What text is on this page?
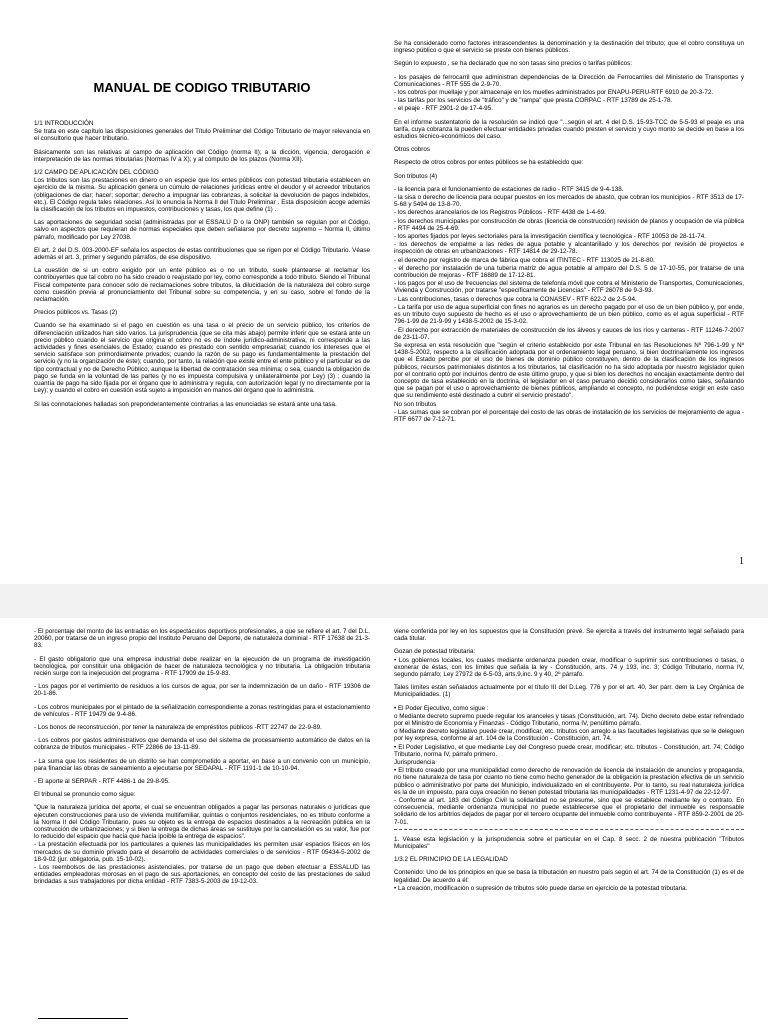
MANUAL DE CODIGO TRIBUTARIO

1/1 INTRODUCCIÓN

Se trata en este capítulo las disposiciones generales del Título Preliminar del Código Tributario de mayor relevancia en el consultorio que hacer tributario.

Básicamente son las relativas al campo de aplicación del Código (norma II); a la dicción, vigencia, derogación e interpretación de las normas tributarias (Normas IV a X); y al cómputo de los plazos (Norma XII).

1/2 CAMPO DE APLICACIÓN DEL CÓDIGO

Los tributos son las prestaciones en dinero o en especie que los entes públicos con potestad tributaria establecen en ejercicio de la misma. Su aplicación genera un cúmulo de relaciones jurídicas entre el deudor y el acreedor tributarios (obligaciones de dar; hacer; soportar; derecho a impugnar las cobranzas, a solicitar la devolución de pagos indebidos, etc.). El Código regula tales relaciones. Así lo enuncia la Norma II del Título Preliminar . Esta disposición acoge además la clasificación de los tributos en impuestos, contribuciones y tasas, los que define (1) .

Las aportaciones de seguridad social (administradas por el ESSALU D o la ONP) también se regulan por el Código, salvo en aspectos que requieran de normas especiales que deben señalarse por decreto supremo – Norma II, último párrafo, modificado por Ley 27038.

El art. 2 del D.S. 003-2000-EF señala los aspectos de estas contribuciones que se rigen por el Código Tributario. Véase además el art. 3, primer y segundo párrafos, de ese dispositivo.

La cuestión de si un cobro exigido por un ente público es o no un tributo, suele plantearse al reclamar los contribuyentes que tal cobro no ha sido creado o reajustado por ley, como corresponde a todo tributo. Siendo el Tribunal Fiscal competente para conocer sólo de reclamaciones sobre tributos, la dilucidación de la naturaleza del cobro surge como cuestión previa al pronunciamiento del Tribunal sobre su competencia, y en su caso, sobre el fondo de la reclamación.

Precios públicos vs. Tasas (2)

Cuando se ha examinado si el pago en cuestión es una tasa o el precio de un servicio público, los criterios de diferenciación utilizados han sido varios. La jurisprudencia (que se cita más abajo) permite inferir que se estará ante un precio público cuando el servicio que origina el cobro no es de índole jurídico-administrativa, ni corresponde a las actividades y fines esenciales de Estado; cuando es prestado con sentido empresarial; cuando los intereses que el servicio satisface son primordialmente privados; cuando la razón de su pago es fundamentalmente la prestación del servicio (y no la organización de éste); cuando, por tanto, la relación que existe entre el ente público y el particular es de tipo contractual y no de Derecho Público, aunque la libertad de contratación sea mínima; o sea, cuando la obligación de pago se funda en la voluntad de las partes (y no es impuesta compulsiva y unilateralmente por Ley) (3) ; cuando la cuantía de pago ha sido fijada por el órgano que lo administra y regula, con autorización legal (y no directamente por la Ley); y cuando el cobro en cuestión está sujeto a imposición en manos del órgano que lo administra.

Si las connotaciones halladas son preponderantemente contrarias a las enunciadas se estará ante una tasa.

Se ha considerado como factores intrascendentes la denominación y la destinación del tributo; que el cobro constituya un ingreso público o que el servicio se preste con bienes públicos.

Según lo expuesto , se ha declarado que no son tasas sino precios o tarifas públicos:

- los pasajes de ferrocarril que administran dependencias de la Dirección de Ferrocarriles del Ministerio de Transportes y Comunicaciones - RTF 555 de 2-9-70.

- los cobros por muellaje y por almacenaje en los muelles administrados por ENAPU-PERU-RTF 6910 de 20-3-72.

- las tarifas por los servicios de "tráfico" y de "rampa" que presta CORPAC - RTF 13789 de 25-1-78.

- el peaje - RTF 2901-2 de 17-4-95.

En el informe sustentatorio de la resolución se indicó que "...según el art. 4 del D.S. 15-93-TCC de 5-5-93 el peaje es una tarifa, cuya cobranza la pueden efectuar entidades privadas cuando presten el servicio y cuyo monto se decide en base a los estudios técnico-económicos del caso.

Otros cobros

Respecto de otros cobros por entes públicos se ha establecido que:

Son tributos (4)

- la licencia para el funcionamiento de estaciones de radio - RTF 3415 de 9-4-138.

- la sisa o derecho de licencia para ocupar puestos en los mercados de abasto, que cobran los municipios - RTF 3513 de 17-5-68 y 5494 de 13-8-70.

- los derechos arancelarios de los Registros Públicos - RTF 4438 de 1-4-69.

- los derechos municipales por construcción de obras (licencia de construcción) revisión de planos y ocupación de vía pública - RTF 4494 de 25-4-69.

- los aportes fijados por leyes sectoriales para la investigación científica y tecnológica - RTF 10053 de 28-11-74.

- los derechos de empalme a las redes de agua potable y alcantarillado y los derechos por revisión de proyectos e inspección de obras en urbanizaciones - RTF 14814 de 29-12-78.

- el derecho por registro de marca de fábrica que cobra el ITINTEC - RTF 113025 de 21-8-80.

- el derecho por instalación de una tubería matriz de agua potable al amparo del D.S. 5 de 17-10-55, por tratarse de una contribución de mejoras - RTF 16889 de 17-12-81.

- los pagos por el uso de frecuencias del sistema de telefonía móvil que cobra el Ministerio de Transportes, Comunicaciones, Vivienda y Construcción, por tratarse "específicamente de Licencias" - RTF 26078 de 9-3-93.

- Las contribuciones, tasas o derechos que cobra la CONASEV - RTF 622-2 de 2-5-94.

- La tarifa por uso de agua superficial con fines no agrarios es un derecho pagado por el uso de un bien público y, por ende, es un tributo cuyo supuesto de hecho es el uso o aprovechamiento de un bien público, como es el agua superficial - RTF 796-1-99 de 21-9-99 y 1438-5-2002 de 15-3-02.

- El derecho por extracción de materiales de construcción de los álveos y cauces de los ríos y canteras - RTF 11246-7-2007 de 23-11-07.

Se expresa en esta resolución que "según el criterio establecido por este Tribunal en las Resoluciones Nº 796-1-99 y Nº 1438-5-2002, respecto a la clasificación adoptada por el ordenamiento legal peruano, si bien doctrinariamente los ingresos que el Estado percibe por el uso de bienes de dominio público constituyen, dentro de la clasificación de los ingresos públicos, recursos patrimoniales distintos a los tributarios, tal clasificación no ha sido adoptada por nuestro legislador quien por el contrario optó por incluirlos dentro de este último grupo, y que si bien los derechos no encajan exactamente dentro del concepto de tasa establecido en la doctrina, el legislador en el caso peruano decidió considerarlos como tales, señalando que se pagan por el uso o aprovechamiento de bienes públicos, ampliando el concepto, no pudiéndose exigir en este caso que su rendimiento esté destinado a cubrir el servicio prestado".

No son tributos

- Las sumas que se cobran por el porcentaje del costo de las obras de instalación de los servicios de mejoramiento de agua - RTF 6677 de 7-12-71.

1

- El porcentaje del monto de las entradas en los espectáculos deportivos profesionales, a que se refiere el art. 7 del D.L. 20060, por tratarse de un ingreso propio del Instituto Peruano del Deporte, de naturaleza dominial - RTF 17638 de 21-3-83.

- El gasto obligatorio que una empresa industrial debe realizar en la ejecución de un programa de investigación tecnológica, por constituir una obligación de hacer de naturaleza tecnológica y no tributaria. La obligación tributaria recién surge con la inejecución del programa - RTF 17909 de 15-9-83.

- Los pagos por el vertimiento de residuos a los cursos de agua, por ser la indemnización de un daño - RTF 19306 de 20-1-86.

- Los cobros municipales por el pintado de la señalización correspondiente a zonas restringidas para el estacionamiento de vehículos - RTF 19479 de 9-4-86.

- Los bonos de reconstrucción, por tener la naturaleza de empréstitos públicos -RTT 22747 de 22-9-89.

- Los cobros por gastos administrativos que demanda el uso del sistema de procesamiento automático de datos en la cobranza de tributos municipales - RTF 22866 de 13-11-89.

- La suma que los residentes de un distrito se han comprometido a aportar, en base a un convenio con un municipio, para financiar las obras de saneamiento a ejecutarse por SEDAPAL - RTF 1191-1 de 10-10-94.

- El aporte al SERPAR - RTF 4486-1 de 29-8-95.

El tribunal se pronuncio como sigue:

"Que la naturaleza jurídica del aporte, el cual se encuentran obligados a pagar las personas naturales o jurídicas que ejecuten construcciones para uso de vivienda multifamiliar, quintas o conjuntos residenciales, no es tributo conforme a la Norma II del Código Tributario, pues su objeto es la entrega de espacios destinados a la recreación pública en la construcción de urbanizaciones; y si bien la entrega de dichas áreas se sustituye por la cancelación es su valor, fue por lo reducido del espacio que hacia que hacia ipoible la entrega de espacios".

- La prestación efectuada por los particulares a quienes las municipalidades les permiten usar espacios físicos en los mercados de su dominio privado para el desarrollo de actividades comerciales o de servicios - RTF 05434-5-2002 de 18-9-02 (jur. obligatoria, pub. 15-10-02).

- Los reembolsos de las prestaciones asistenciales, por tratarse de un pago que deben efectuar a ESSALUD las entidades empleadoras morosas en el pago de sus aportaciones, en concepto del costo de las prestaciones de salud brindadas a sus trabajadores por dicha entidad - RTF 7383-5-2003 de 19-12-03.

viene conferida por ley en los supuestos que la Constitución prevé. Se ejercita a través del instrumento legal señalado para cada titular.

Gozan de potestad tributaria:

• Los gobiernos locales, los cuales mediante ordenanza pueden crear, modificar o suprimir sus contribuciones o tasas, o exonerar de éstas, con los límites que señala la ley - Constitución, arts. 74 y 193, inc. 3; Código Tributario, norma IV, segundo párrafo; Ley 27972 de 6-5-03, arts.9,inc. 9 y 40, 2º párrafo.

Tales límites están señalados actualmente por el título III del D.Leg. 776 y por el art. 40, 3er párr. dem la Ley Orgánica de Municipalidades. (1)

• El Poder Ejecutivo, como sigue :

o Mediante decreto supremo puede regular los aranceles y tasas (Constitución, art. 74). Dicho decreto debe estar refrendado por el Ministro de Economía y Finanzas - Código Tributario, norma IV, penúltimo párrafo.

o Mediante decreto legislativo puede crear, modificar, etc. tributos con arreglo a las facultades legislativas que se le deleguen por ley expresa, conforme al art. 104 de la Constitución - Constitución, art. 74.

• El Poder Legislativo, el que mediante Ley del Congreso puede crear, modificar; etc. tributos - Constitución, art. 74; Código Tributario, norma IV, párrafo primero.

Jurisprudencia

• El tributo creado por una municipalidad como derecho de renovación de licencia de instalación de anuncios y propaganda, no tiene naturaleza de tasa por cuanto no tiene como hecho generador de la obligación la prestación efectiva de un servicio público o administrativo por parte del Municipio, individualizado en el contribuyente. Por lo tanto, su real naturaleza jurídica es la de un impuesto, para cuya creación no tienen potestad tributaria las municipalidades - RTF 1231-4-97 de 22-12-97.

- Conforme al art. 183 del Código Civil la solidaridad no se presume, sino que se establece mediante ley o contrato. En consecuencia, mediante ordenanza municipal no puede establecerse que el propietario del inmueble es responsable solidario de los arbitrios dejados de pagar por el tercero ocupante del inmueble como contribuyente - RTF 859-2-2001 de 20-7-01.

1. Véase esta legislación y la jurisprudencia sobre el particular en el Cap. 8 secc. 2 de nuestra publicación "Tributos Municipales"

1/3.2 EL PRINCIPIO DE LA LEGALIDAD

Contenido: Uno de los principios en que se basa la tributación en nuestro país según el art. 74 de la Constitución (1) es el de legalidad. De acuerdo a él:

• La creación, modificación o supresión de tributos sólo puede darse en ejercicio de la potestad tributaria.
